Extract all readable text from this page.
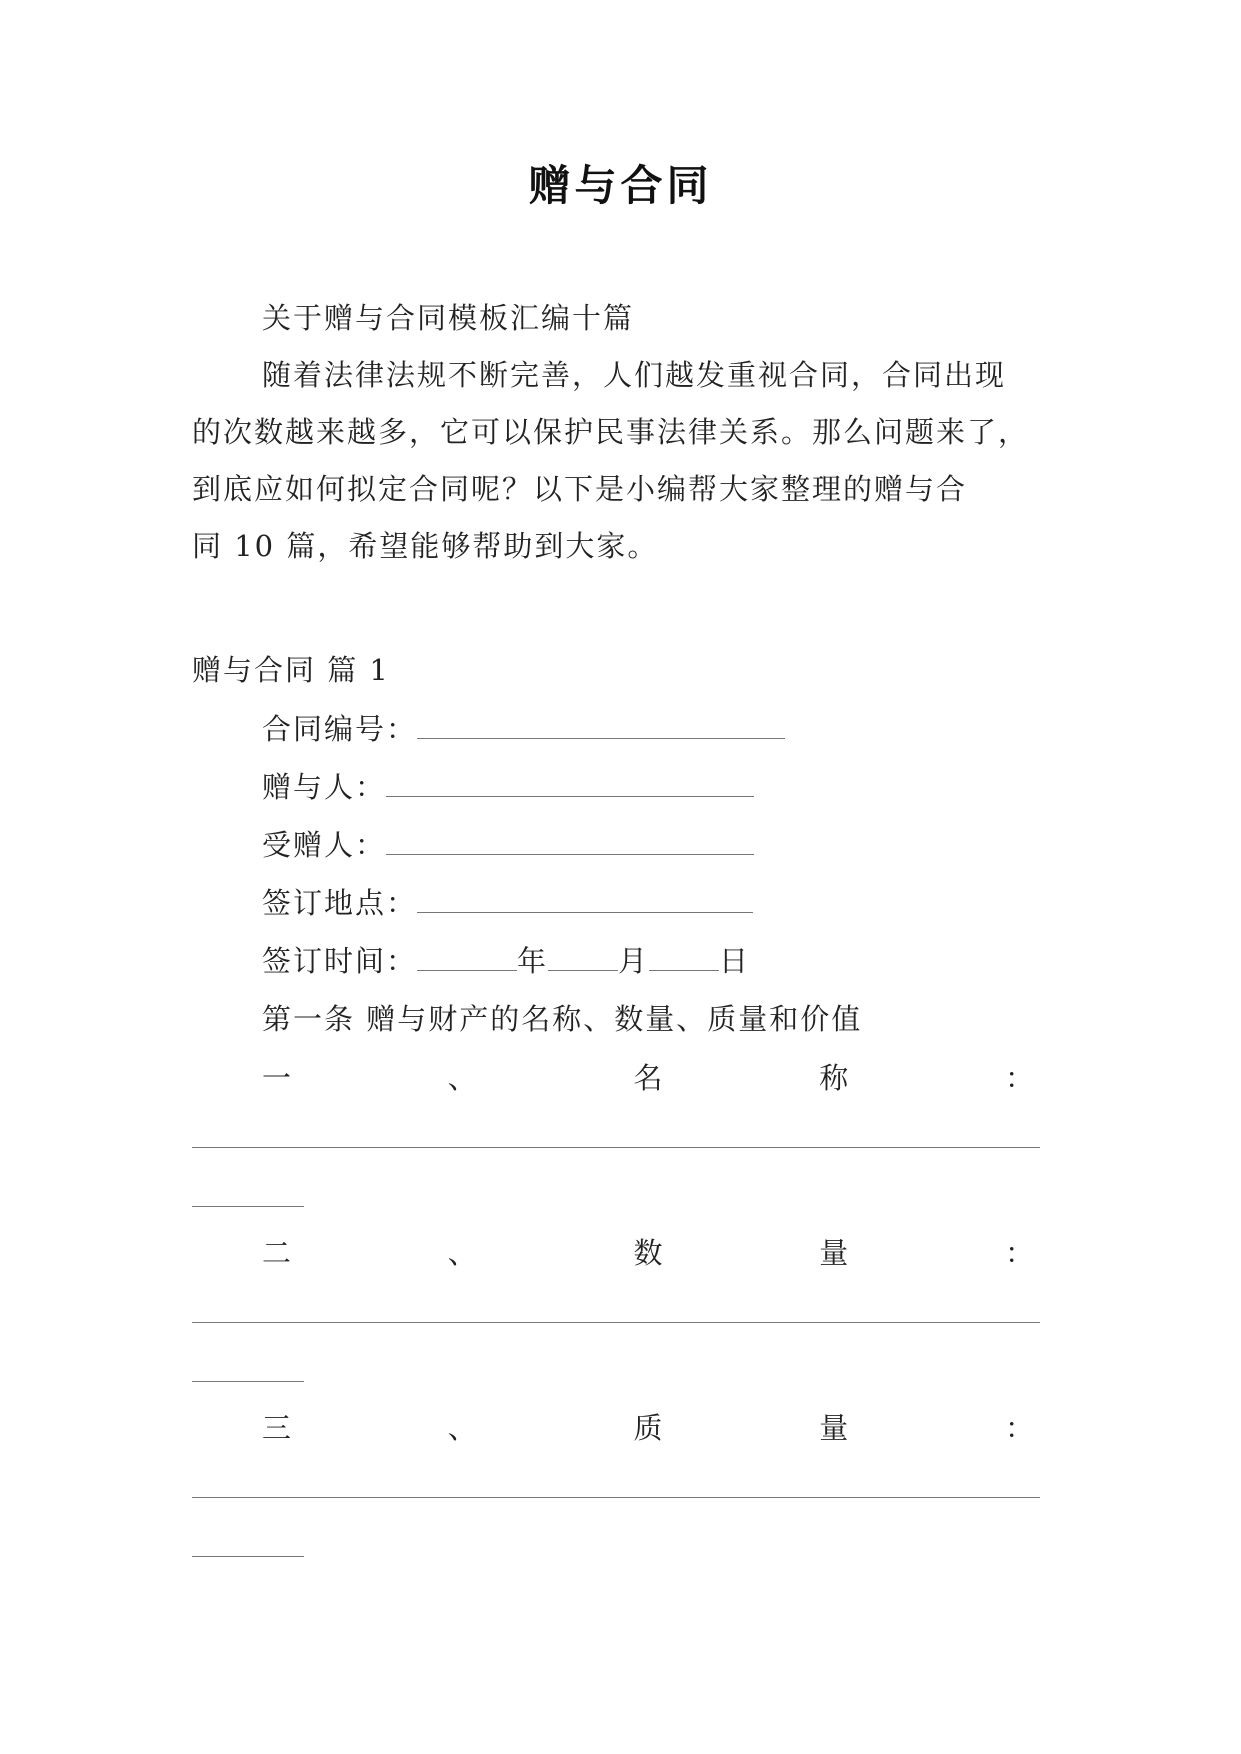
赠与合同
关于赠与合同模板汇编十篇
随着法律法规不断完善，人们越发重视合同，合同出现
的次数越来越多，它可以保护民事法律关系。那么问题来了，
到底应如何拟定合同呢？以下是小编帮大家整理的赠与合
同 10 篇，希望能够帮助到大家。
赠与合同 篇 1
合同编号：
赠与人：
受赠人：
签订地点：
签订时间：	年 月 日
第一条 赠与财产的名称、数量、质量和价值
一	、	名	称	：
二	、	数	量	：
三	、	质	量	：
